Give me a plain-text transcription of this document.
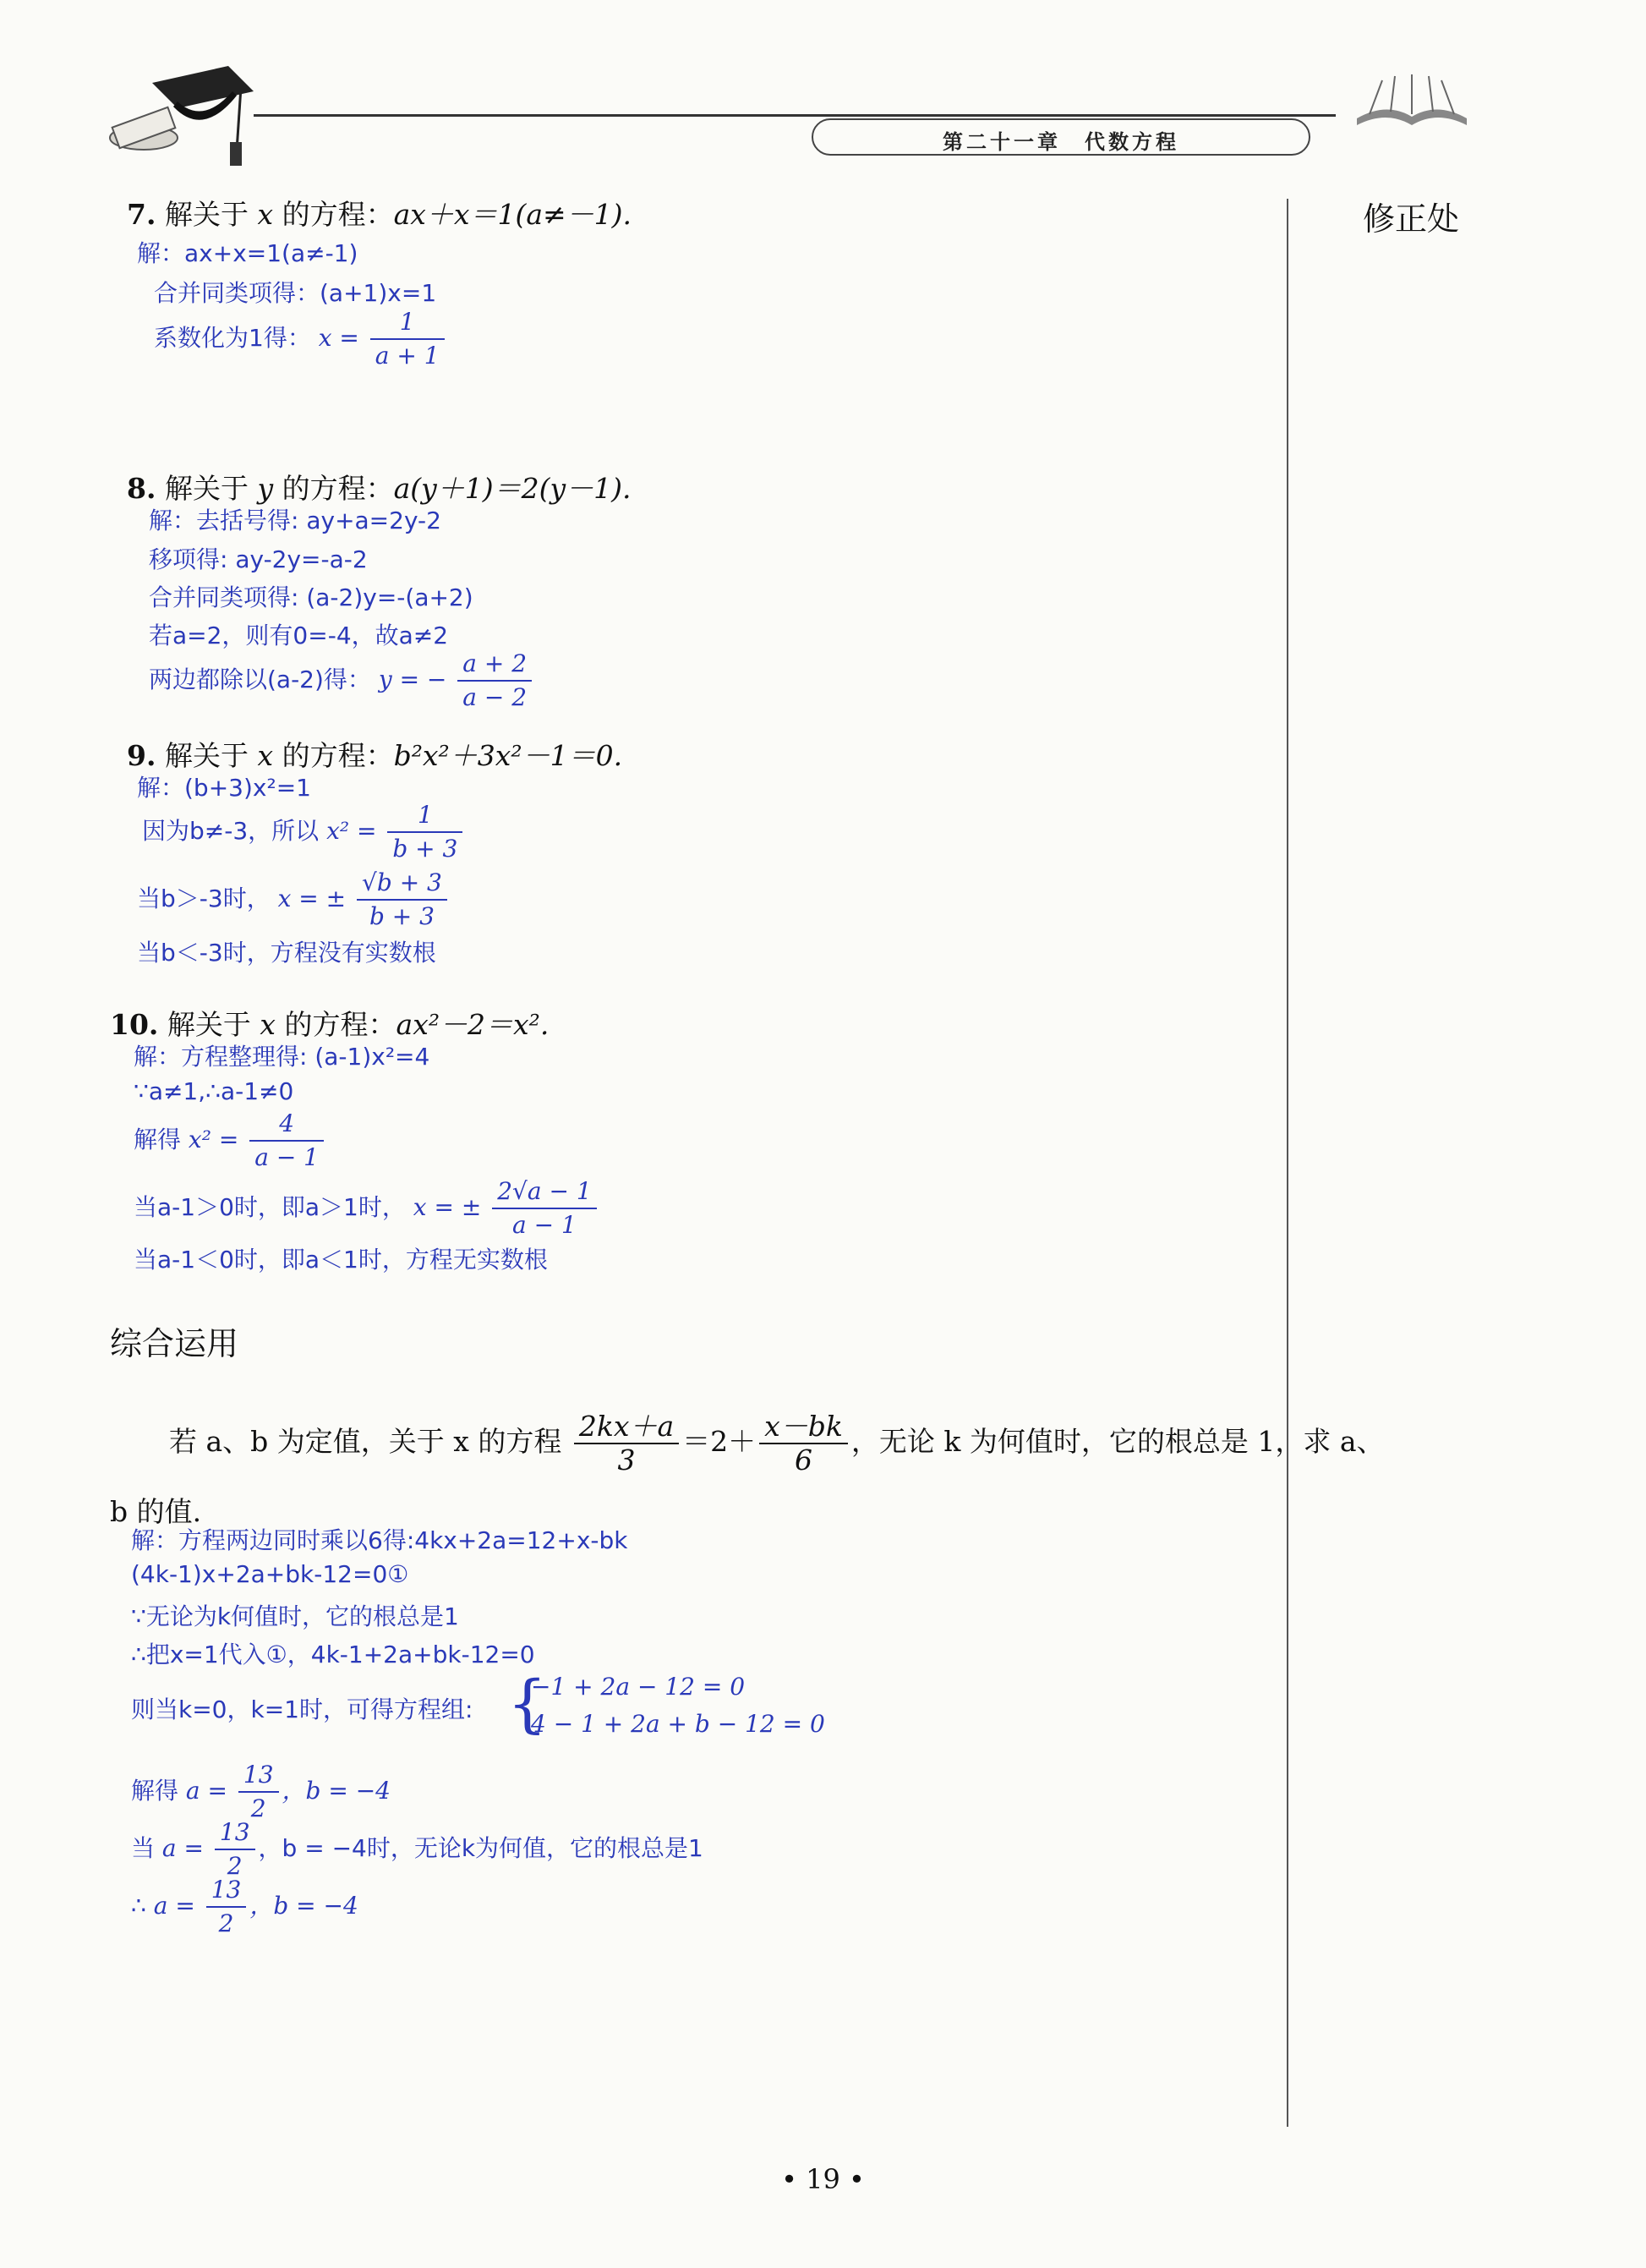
第二十一章　代数方程
修正处
7. 解关于 x 的方程：ax＋x＝1(a≠－1).
解：ax+x=1(a≠-1)
合并同类项得：(a+1)x=1
系数化为1得： $x = \frac{1}{a + 1}$
8. 解关于 y 的方程：a(y＋1)＝2(y－1).
解：去括号得: ay+a=2y-2
移项得: ay-2y=-a-2
合并同类项得: (a-2)y=-(a+2)
若a=2，则有0=-4，故a≠2
两边都除以(a-2)得： y = − $\frac{a + 2}{a - 2}$
9. 解关于 x 的方程：b²x²＋3x²－1＝0.
解：(b+3)x²=1
因为b≠-3，所以 $x^2 = \frac{1}{b + 3}$
当b＞-3时， x = ± $\frac{√b + 3}{b + 3}$
当b＜-3时，方程没有实数根
10. 解关于 x 的方程：ax²－2＝x².
解：方程整理得: (a-1)x²=4
∵a≠1,∴a-1≠0
解得 $x^2 = \frac{4}{a - 1}$
当a-1＞0时，即a＞1时， x = ± $\frac{2√a - 1}{a - 1}$
当a-1＜0时，即a＜1时，方程无实数根
综合运用
若 a、b 为定值，关于 x 的方程 $\frac{2kx+a}{3} =2+ \frac{x-bk}{6}$ ，无论 k 为何值时，它的根总是 1，求 a、
b 的值.
解：方程两边同时乘以6得:4kx+2a=12+x-bk
(4k-1)x+2a+bk-12=0①
∵无论为k何值时，它的根总是1
∴把x=1代入①，4k-1+2a+bk-12=0
则当k=0，k=1时，可得方程组: {
−1 + 2a − 12 = 0
4 − 1 + 2a + b − 12 = 0
解得 $a = \frac{13}{2}$ ，b = −4
当 $a = \frac{13}{2}$ ，b = −4时，无论k为何值，它的根总是1
∴ $a = \frac{13}{2}$ ，b = −4
• 19 •
